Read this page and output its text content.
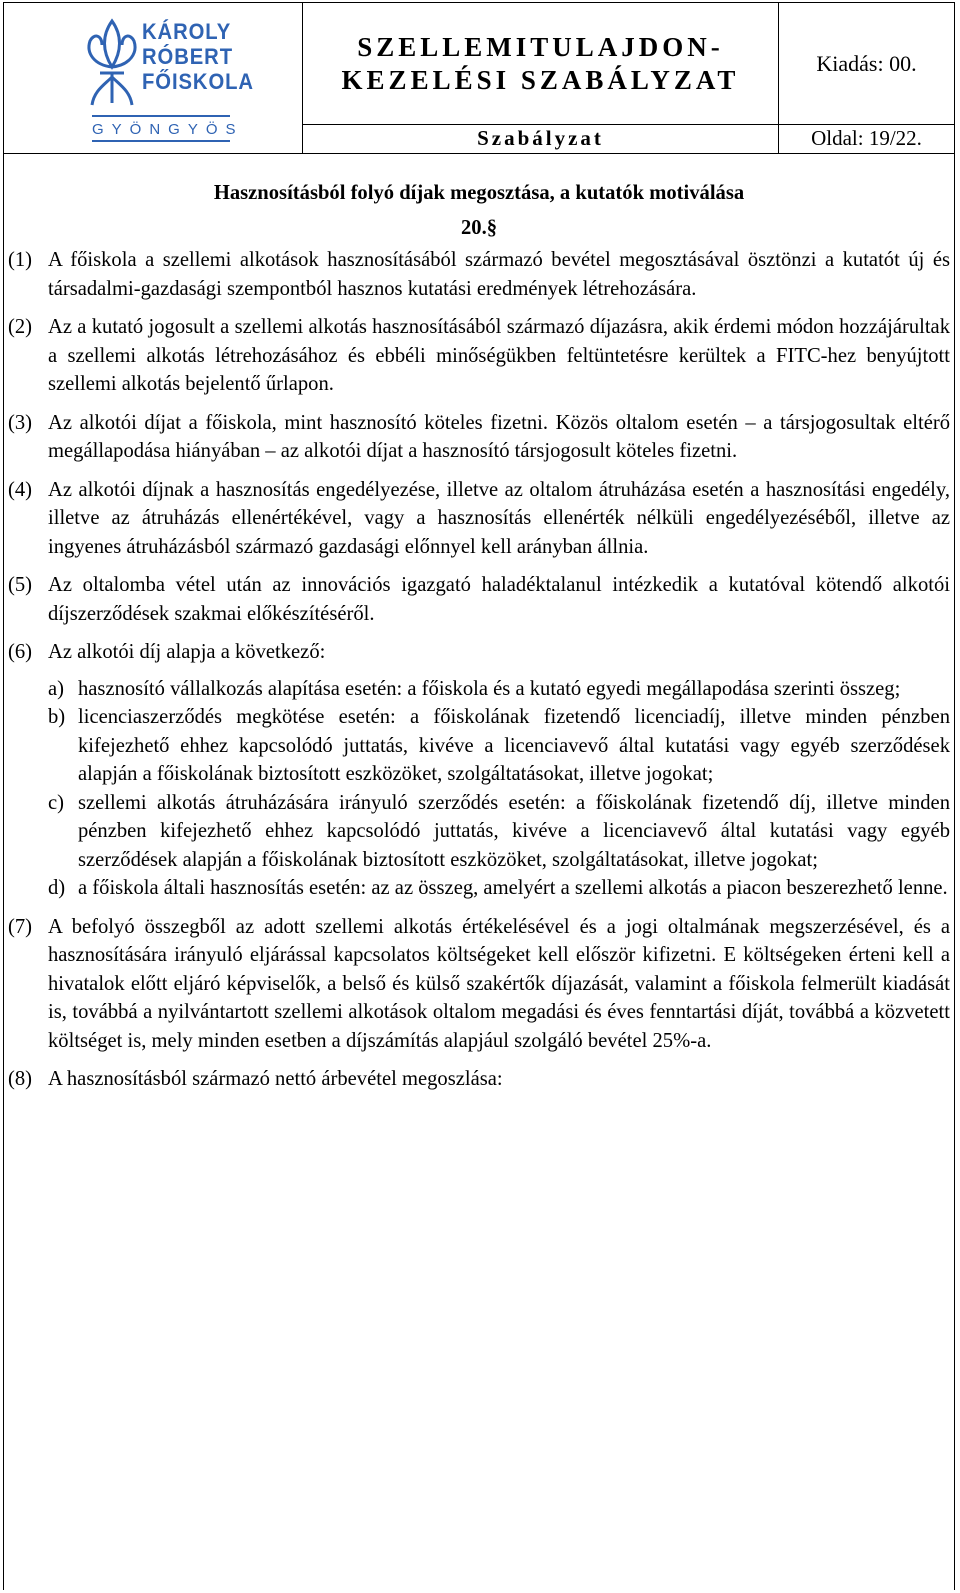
KÁROLY
RÓBERT
FŐISKOLA
GYÖNGYÖS
SZELLEMITULAJDON-
KEZELÉSI SZABÁLYZAT
Kiadás: 00.
Szabályzat	Oldal: 19/22.

Hasznosításból folyó díjak megosztása, a kutatók motiválása

20.§

(1) A főiskola a szellemi alkotások hasznosításából származó bevétel megosztásával ösztönzi a kutatót új és társadalmi-gazdasági szempontból hasznos kutatási eredmények létrehozására.
(2) Az a kutató jogosult a szellemi alkotás hasznosításából származó díjazásra, akik érdemi módon hozzájárultak a szellemi alkotás létrehozásához és ebbéli minőségükben feltüntetésre kerültek a FITC-hez benyújtott szellemi alkotás bejelentő űrlapon.
(3) Az alkotói díjat a főiskola, mint hasznosító köteles fizetni. Közös oltalom esetén – a társjogosultak eltérő megállapodása hiányában – az alkotói díjat a hasznosító társjogosult köteles fizetni.
(4) Az alkotói díjnak a hasznosítás engedélyezése, illetve az oltalom átruházása esetén a hasznosítási engedély, illetve az átruházás ellenértékével, vagy a hasznosítás ellenérték nélküli engedélyezéséből, illetve az ingyenes átruházásból származó gazdasági előnnyel kell arányban állnia.
(5) Az oltalomba vétel után az innovációs igazgató haladéktalanul intézkedik a kutatóval kötendő alkotói díjszerződések szakmai előkészítéséről.
(6) Az alkotói díj alapja a következő:
a) hasznosító vállalkozás alapítása esetén: a főiskola és a kutató egyedi megállapodása szerinti összeg;
b) licenciaszerződés megkötése esetén: a főiskolának fizetendő licenciadíj, illetve minden pénzben kifejezhető ehhez kapcsolódó juttatás, kivéve a licenciavevő által kutatási vagy egyéb szerződések alapján a főiskolának biztosított eszközöket, szolgáltatásokat, illetve jogokat;
c) szellemi alkotás átruházására irányuló szerződés esetén: a főiskolának fizetendő díj, illetve minden pénzben kifejezhető ehhez kapcsolódó juttatás, kivéve a licenciavevő által kutatási vagy egyéb szerződések alapján a főiskolának biztosított eszközöket, szolgáltatásokat, illetve jogokat;
d) a főiskola általi hasznosítás esetén: az az összeg, amelyért a szellemi alkotás a piacon beszerezhető lenne.
(7) A befolyó összegből az adott szellemi alkotás értékelésével és a jogi oltalmának megszerzésével, és a hasznosítására irányuló eljárással kapcsolatos költségeket kell először kifizetni. E költségeken érteni kell a hivatalok előtt eljáró képviselők, a belső és külső szakértők díjazását, valamint a főiskola felmerült kiadását is, továbbá a nyilvántartott szellemi alkotások oltalom megadási és éves fenntartási díját, továbbá a közvetett költséget is, mely minden esetben a díjszámítás alapjául szolgáló bevétel 25%-a.
(8) A hasznosításból származó nettó árbevétel megoszlása:
